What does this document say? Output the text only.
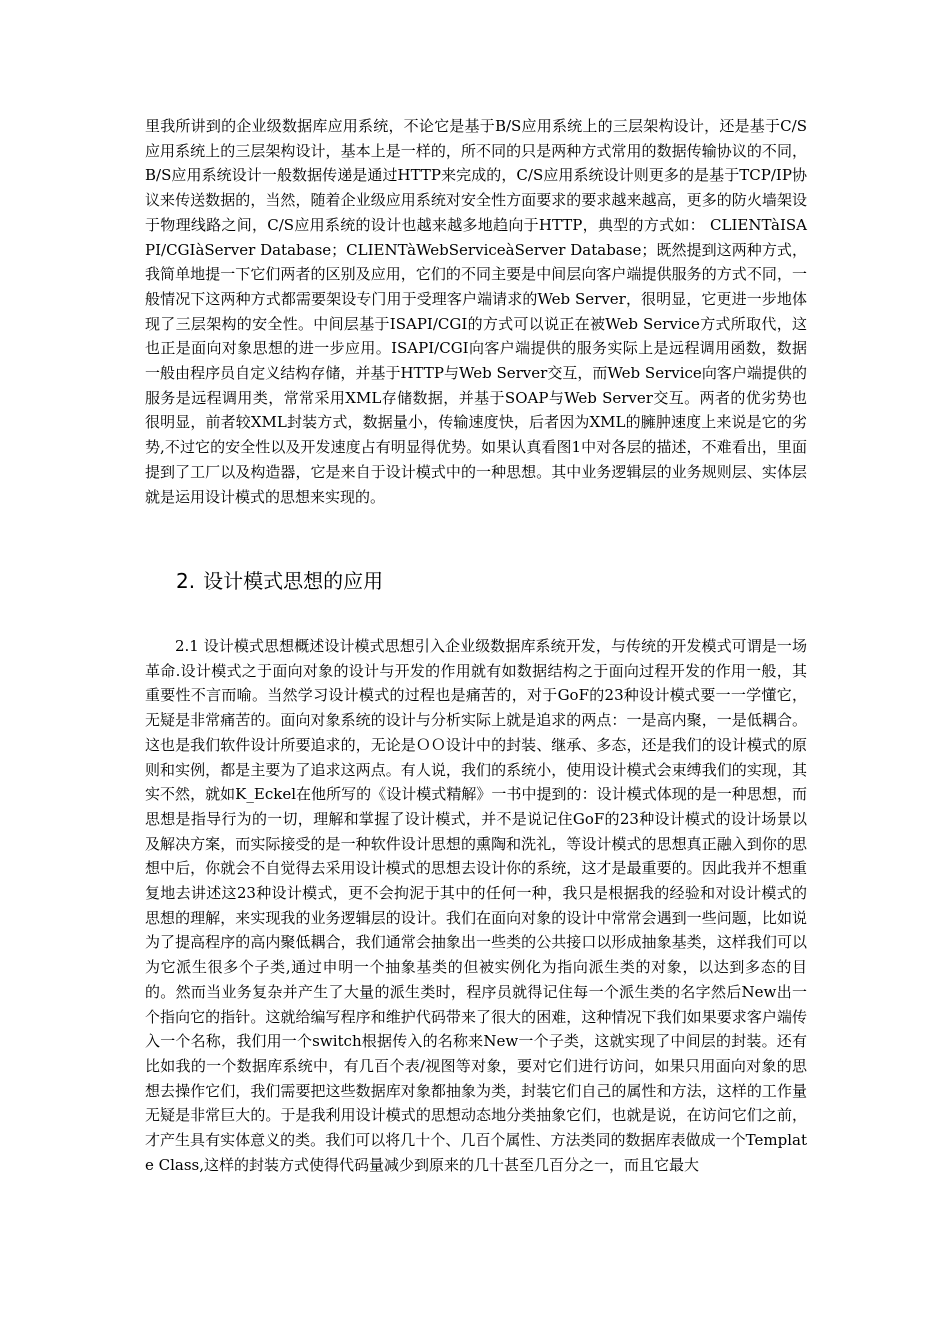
里我所讲到的企业级数据库应用系统，不论它是基于B/S应用系统上的三层架构设计，还是基于C/S应用系统上的三层架构设计，基本上是一样的，所不同的只是两种方式常用的数据传输协议的不同，B/S应用系统设计一般数据传递是通过HTTP来完成的，C/S应用系统设计则更多的是基于TCP/IP协议来传送数据的，当然，随着企业级应用系统对安全性方面要求的要求越来越高，更多的防火墙架设于物理线路之间，C/S应用系统的设计也越来越多地趋向于HTTP，典型的方式如： CLIENTàISAPI/CGIàServer Database；CLIENTàWebServiceàServer Database；既然提到这两种方式，我简单地提一下它们两者的区别及应用，它们的不同主要是中间层向客户端提供服务的方式不同，一般情况下这两种方式都需要架设专门用于受理客户端请求的Web Server，很明显，它更进一步地体现了三层架构的安全性。中间层基于ISAPI/CGI的方式可以说正在被Web Service方式所取代，这也正是面向对象思想的进一步应用。ISAPI/CGI向客户端提供的服务实际上是远程调用函数，数据一般由程序员自定义结构存储，并基于HTTP与Web Server交互，而Web Service向客户端提供的服务是远程调用类，常常采用XML存储数据，并基于SOAP与Web Server交互。两者的优劣势也很明显，前者较XML封装方式，数据量小，传输速度快，后者因为XML的臃肿速度上来说是它的劣势,不过它的安全性以及开发速度占有明显得优势。如果认真看图1中对各层的描述，不难看出，里面提到了工厂以及构造器，它是来自于设计模式中的一种思想。其中业务逻辑层的业务规则层、实体层就是运用设计模式的思想来实现的。

2. 设计模式思想的应用

2.1 设计模式思想概述设计模式思想引入企业级数据库系统开发，与传统的开发模式可谓是一场革命.设计模式之于面向对象的设计与开发的作用就有如数据结构之于面向过程开发的作用一般，其重要性不言而喻。当然学习设计模式的过程也是痛苦的，对于GoF的23种设计模式要一一学懂它，无疑是非常痛苦的。面向对象系统的设计与分析实际上就是追求的两点：一是高内聚，一是低耦合。这也是我们软件设计所要追求的，无论是ＯＯ设计中的封装、继承、多态，还是我们的设计模式的原则和实例，都是主要为了追求这两点。有人说，我们的系统小，使用设计模式会束缚我们的实现，其实不然，就如K_Eckel在他所写的《设计模式精解》一书中提到的：设计模式体现的是一种思想，而思想是指导行为的一切，理解和掌握了设计模式，并不是说记住GoF的23种设计模式的设计场景以及解决方案，而实际接受的是一种软件设计思想的熏陶和洗礼，等设计模式的思想真正融入到你的思想中后，你就会不自觉得去采用设计模式的思想去设计你的系统，这才是最重要的。因此我并不想重复地去讲述这23种设计模式，更不会拘泥于其中的任何一种，我只是根据我的经验和对设计模式的思想的理解，来实现我的业务逻辑层的设计。我们在面向对象的设计中常常会遇到一些问题，比如说为了提高程序的高内聚低耦合，我们通常会抽象出一些类的公共接口以形成抽象基类，这样我们可以为它派生很多个子类,通过申明一个抽象基类的但被实例化为指向派生类的对象，以达到多态的目的。然而当业务复杂并产生了大量的派生类时，程序员就得记住每一个派生类的名字然后New出一个指向它的指针。这就给编写程序和维护代码带来了很大的困难，这种情况下我们如果要求客户端传入一个名称，我们用一个switch根据传入的名称来New一个子类，这就实现了中间层的封装。还有比如我的一个数据库系统中，有几百个表/视图等对象，要对它们进行访问，如果只用面向对象的思想去操作它们，我们需要把这些数据库对象都抽象为类，封装它们自己的属性和方法，这样的工作量无疑是非常巨大的。于是我利用设计模式的思想动态地分类抽象它们，也就是说，在访问它们之前，才产生具有实体意义的类。我们可以将几十个、几百个属性、方法类同的数据库表做成一个Template Class,这样的封装方式使得代码量减少到原来的几十甚至几百分之一，而且它最大
